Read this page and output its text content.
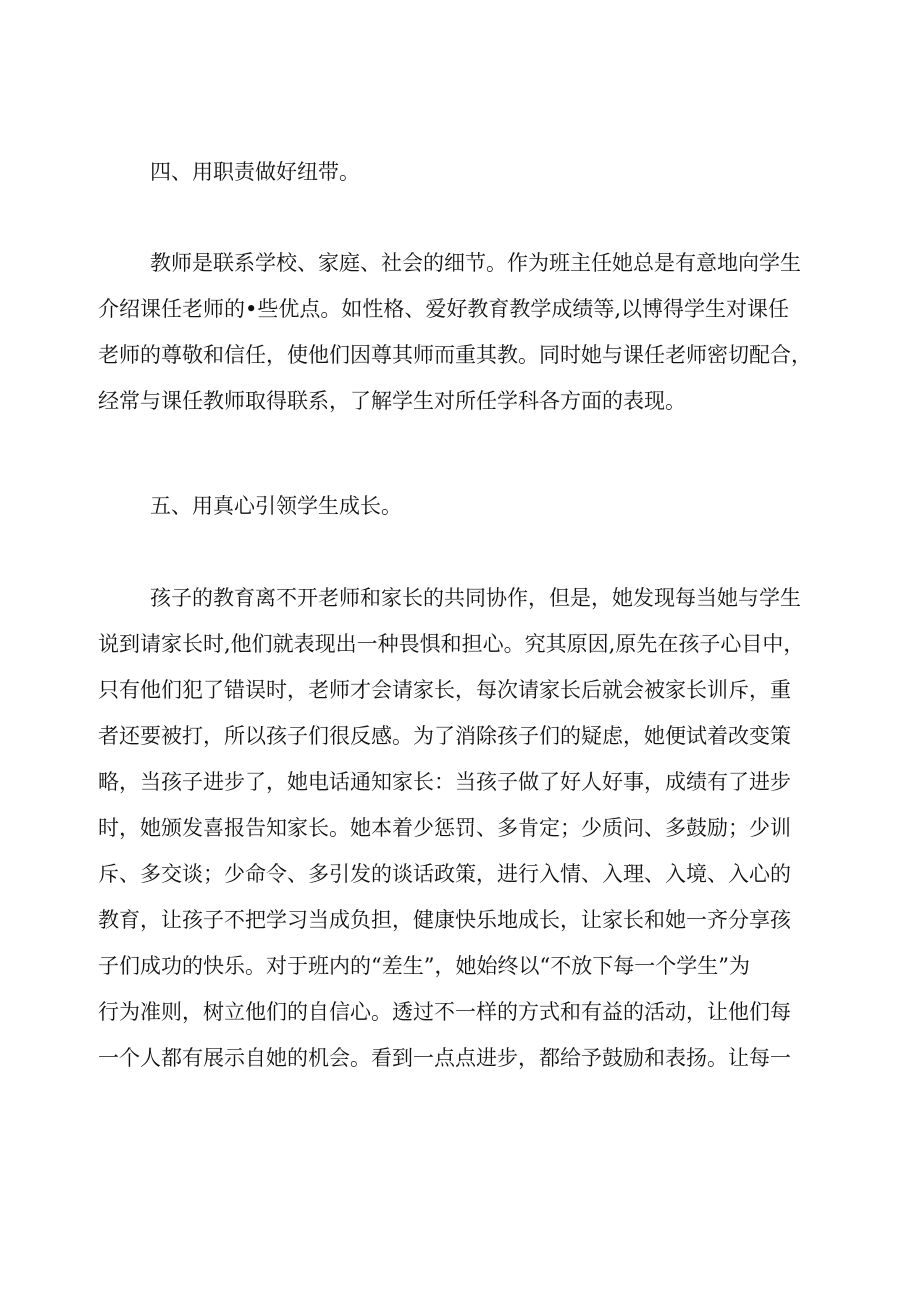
四、用职责做好纽带。
教师是联系学校、家庭、社会的细节。作为班主任她总是有意地向学生
介绍课任老师的•些优点。如性格、爱好教育教学成绩等,以博得学生对课任
老师的尊敬和信任，使他们因尊其师而重其教。同时她与课任老师密切配合，
经常与课任教师取得联系，了解学生对所任学科各方面的表现。
五、用真心引领学生成长。
孩子的教育离不开老师和家长的共同协作，但是，她发现每当她与学生
说到请家长时,他们就表现出一种畏惧和担心。究其原因,原先在孩子心目中，
只有他们犯了错误时，老师才会请家长，每次请家长后就会被家长训斥，重
者还要被打，所以孩子们很反感。为了消除孩子们的疑虑，她便试着改变策
略，当孩子进步了，她电话通知家长：当孩子做了好人好事，成绩有了进步
时，她颁发喜报告知家长。她本着少惩罚、多肯定；少质问、多鼓励；少训
斥、多交谈；少命令、多引发的谈话政策，进行入情、入理、入境、入心的
教育，让孩子不把学习当成负担，健康快乐地成长，让家长和她一齐分享孩
子们成功的快乐。对于班内的“差生”，她始终以“不放下每一个学生”为
行为准则，树立他们的自信心。透过不一样的方式和有益的活动，让他们每
一个人都有展示自她的机会。看到一点点进步，都给予鼓励和表扬。让每一
